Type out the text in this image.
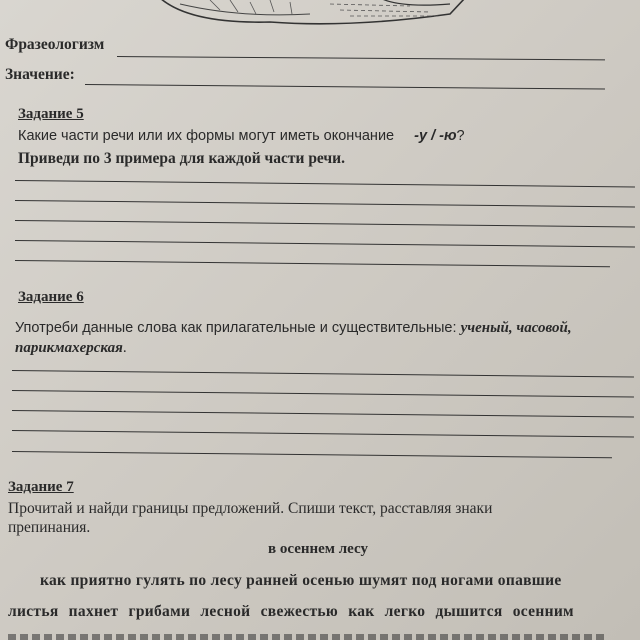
Фразеологизм
Значение:
Задание 5
Какие части речи или их формы могут иметь окончание -у / -ю?
Приведи по 3 примера для каждой части речи.
Задание 6
Употреби данные слова как прилагательные и существительные: ученый, часовой,
парикмахерская.
Задание 7
Прочитай и найди границы предложений. Спиши текст, расставляя знаки
препинания.
в осеннем лесу
как приятно гулять по лесу ранней осенью шумят под ногами опавшие
листья пахнет грибами лесной свежестью как легко дышится осенним
